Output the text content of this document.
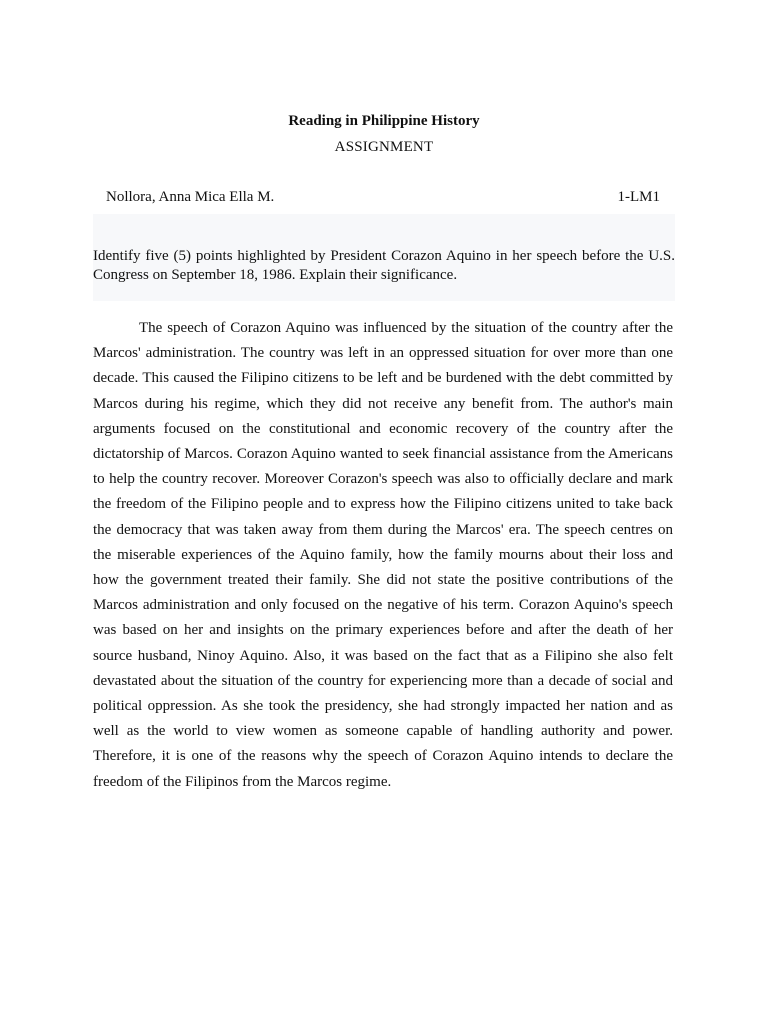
Reading in Philippine History
ASSIGNMENT
Nollora, Anna Mica Ella M.	1-LM1
Identify five (5) points highlighted by President Corazon Aquino in her speech before the U.S. Congress on September 18, 1986. Explain their significance.

The speech of Corazon Aquino was influenced by the situation of the country after the Marcos' administration. The country was left in an oppressed situation for over more than one decade. This caused the Filipino citizens to be left and be burdened with the debt committed by Marcos during his regime, which they did not receive any benefit from. The author's main arguments focused on the constitutional and economic recovery of the country after the dictatorship of Marcos. Corazon Aquino wanted to seek financial assistance from the Americans to help the country recover. Moreover Corazon's speech was also to officially declare and mark the freedom of the Filipino people and to express how the Filipino citizens united to take back the democracy that was taken away from them during the Marcos' era. The speech centres on the miserable experiences of the Aquino family, how the family mourns about their loss and how the government treated their family. She did not state the positive contributions of the Marcos administration and only focused on the negative of his term. Corazon Aquino's speech was based on her and insights on the primary experiences before and after the death of her source husband, Ninoy Aquino. Also, it was based on the fact that as a Filipino she also felt devastated about the situation of the country for experiencing more than a decade of social and political oppression. As she took the presidency, she had strongly impacted her nation and as well as the world to view women as someone capable of handling authority and power. Therefore, it is one of the reasons why the speech of Corazon Aquino intends to declare the freedom of the Filipinos from the Marcos regime.
